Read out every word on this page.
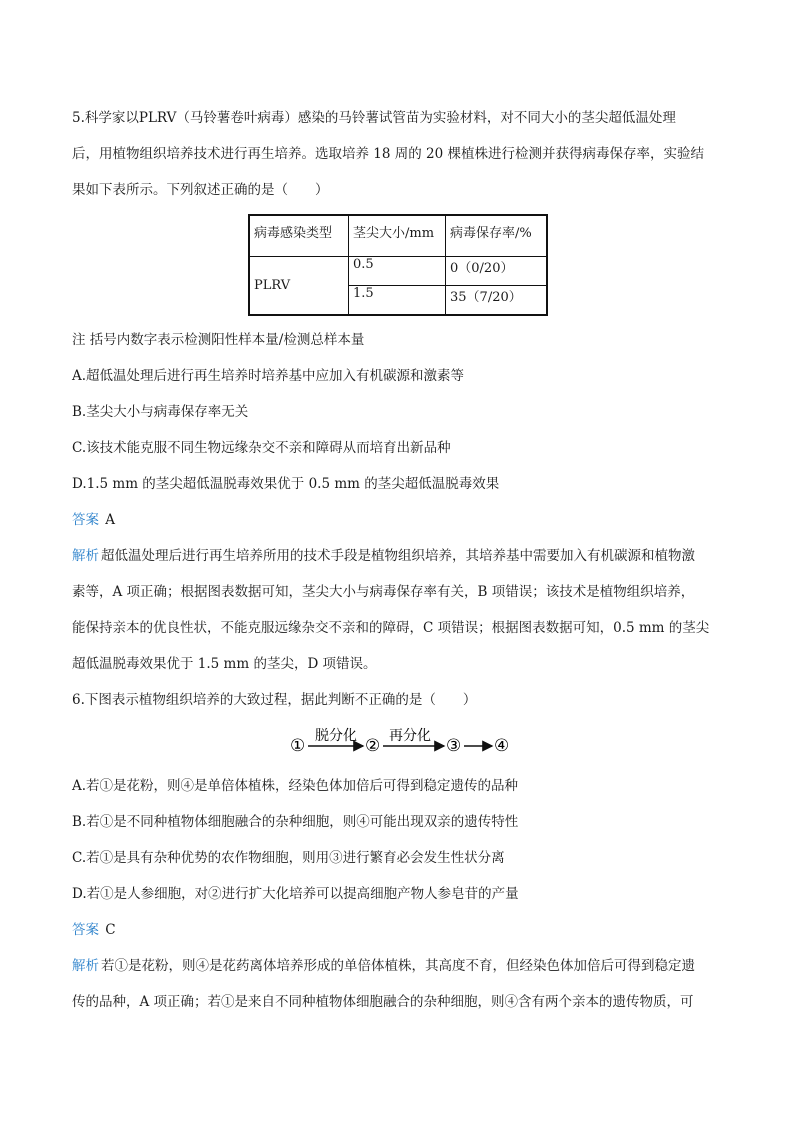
5.科学家以PLRV（马铃薯卷叶病毒）感染的马铃薯试管苗为实验材料，对不同大小的茎尖超低温处理

后，用植物组织培养技术进行再生培养。选取培养 18 周的 20 棵植株进行检测并获得病毒保存率，实验结

果如下表所示。下列叙述正确的是（　　）

病毒感染类型	茎尖大小/mm	病毒保存率/%
PLRV	0.5	0（0/20）
	1.5	35（7/20）

注 括号内数字表示检测阳性样本量/检测总样本量

A.超低温处理后进行再生培养时培养基中应加入有机碳源和激素等

B.茎尖大小与病毒保存率无关

C.该技术能克服不同生物远缘杂交不亲和障碍从而培育出新品种

D.1.5 mm 的茎尖超低温脱毒效果优于 0.5 mm 的茎尖超低温脱毒效果

答案 A

解析 超低温处理后进行再生培养所用的技术手段是植物组织培养，其培养基中需要加入有机碳源和植物激

素等，A 项正确；根据图表数据可知，茎尖大小与病毒保存率有关，B 项错误；该技术是植物组织培养，

能保持亲本的优良性状，不能克服远缘杂交不亲和的障碍，C 项错误；根据图表数据可知，0.5 mm 的茎尖

超低温脱毒效果优于 1.5 mm 的茎尖，D 项错误。

6.下图表示植物组织培养的大致过程，据此判断不正确的是（　　）

① 脱分化 ② 再分化 ③ ④

A.若①是花粉，则④是单倍体植株，经染色体加倍后可得到稳定遗传的品种

B.若①是不同种植物体细胞融合的杂种细胞，则④可能出现双亲的遗传特性

C.若①是具有杂种优势的农作物细胞，则用③进行繁育必会发生性状分离

D.若①是人参细胞，对②进行扩大化培养可以提高细胞产物人参皂苷的产量

答案 C

解析 若①是花粉，则④是花药离体培养形成的单倍体植株，其高度不育，但经染色体加倍后可得到稳定遗

传的品种，A 项正确；若①是来自不同种植物体细胞融合的杂种细胞，则④含有两个亲本的遗传物质，可
